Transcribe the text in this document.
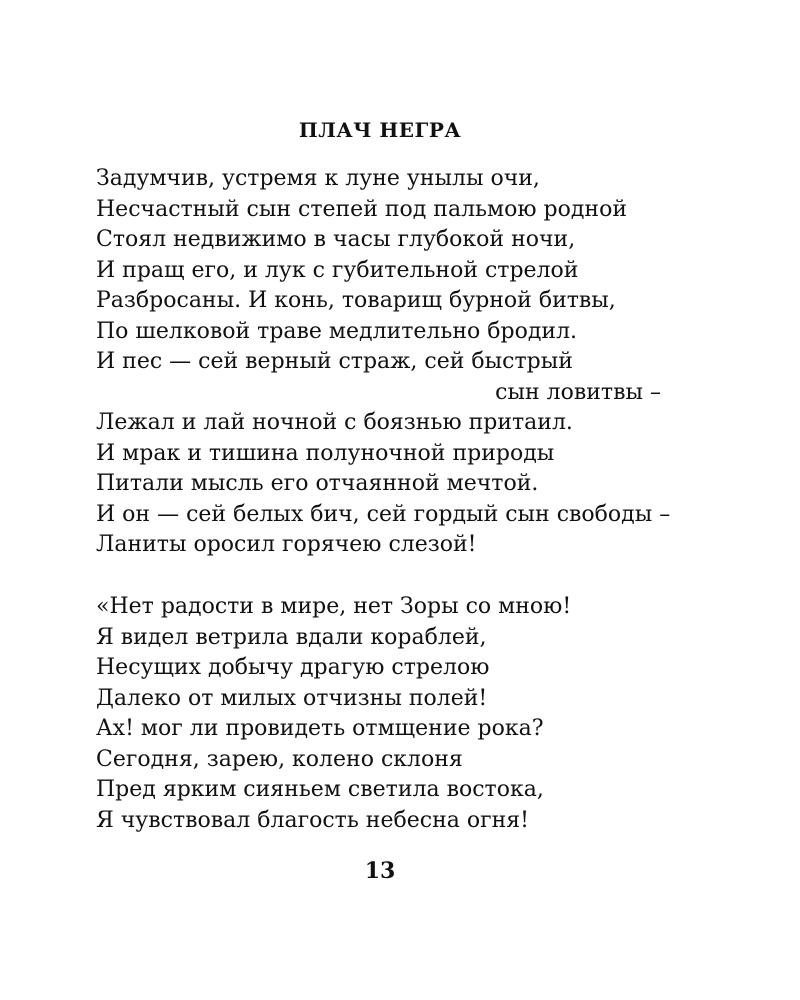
ПЛАЧ НЕГРА
Задумчив, устремя к луне унылы очи,
Несчастный сын степей под пальмою родной
Стоял недвижимо в часы глубокой ночи,
И пращ его, и лук с губительной стрелой
Разбросаны. И конь, товарищ бурной битвы,
По шелковой траве медлительно бродил.
И пес — сей верный страж, сей быстрый
сын ловитвы –
Лежал и лай ночной с боязнью притаил.
И мрак и тишина полуночной природы
Питали мысль его отчаянной мечтой.
И он — сей белых бич, сей гордый сын свободы –
Ланиты оросил горячею слезой!
«Нет радости в мире, нет Зоры со мною!
Я видел ветрила вдали кораблей,
Несущих добычу драгую стрелою
Далеко от милых отчизны полей!
Ах! мог ли провидеть отмщение рока?
Сегодня, зарею, колено склоня
Пред ярким сияньем светила востока,
Я чувствовал благость небесна огня!
13
